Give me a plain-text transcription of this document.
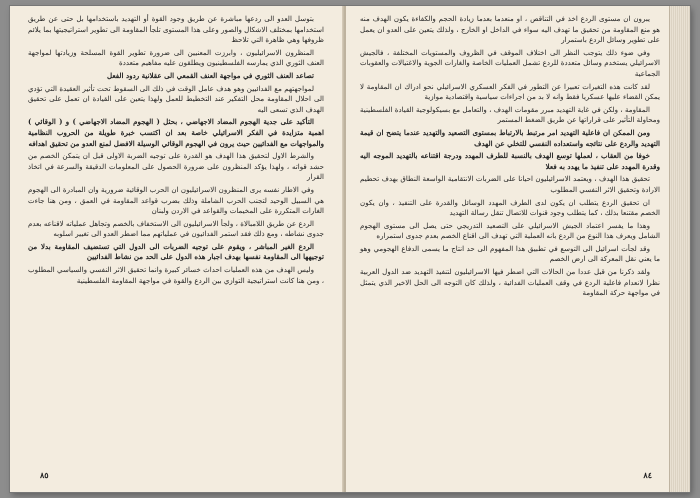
بتوسل العدو الى ردعها مباشرة عن طريق وجود القوة أو التهديد باستخدامها بل حتى عن طريق استخدامها بمختلف الاشكال والصور وعلى هذا المستوى تلجأ المقاومة الى تطوير استراتيجيتها بما يلائم ظروفها وهي ظاهرة التي تلاحظ

المنظرون الاسرائيليون ، وابرزت المعنيين الى ضرورة تطوير القوة المسلحة وزيادتها لمواجهة العنف الثوري الذي يمارسه الفلسطينيون ويطلقون عليه مفاهيم متعددة

تصاعد العنف الثوري في مواجهة العنف القمعي الى عقلانية ردود الفعل

لمواجهتهم مع الفدائيين وهو هدف عامل الوقت في ذلك الى السقوط تحت تأثير العقيدة التي تؤدي الى احلال المقاومة محل التفكير عند التخطيط للعمل ولهذا يتعين على القيادة ان تعمل على تحقيق الهدف الذي تسعى اليه

التأكيد على جدية الهجوم المضاد الاجهاضي ، بحثل ( الهجوم المضاد الاجهاضي ) و ( الوقائي ) اهمية متزايدة في الفكر الاسرائيلي خاصة بعد ان اكتسب خبرة طويلة من الحروب النظامية والمواجهات مع الفدائيين حيث يرون في الهجوم الوقائي الوسيلة الافضل لمنع العدو من تحقيق اهدافه

والشرط الاول لتحقيق هذا الهدف هو القدرة على توجيه الضربة الاولى قبل ان يتمكن الخصم من حشد قواته ، ولهذا يؤكد المنظرون على ضرورة الحصول على المعلومات الدقيقة والسرعة في اتخاذ القرار

وفي الاطار نفسه يرى المنظرون الاسرائيليون ان الحرب الوقائية ضرورية وان المبادرة الى الهجوم هي السبيل الوحيد لتجنب الحرب الشاملة وذلك بضرب قواعد المقاومة في العمق ، ومن هنا جاءت الغارات المتكررة على المخيمات والقواعد في الاردن ولبنان

الردع عن طريق اللامبالاة ، ولجأ الاسرائيليون الى الاستخفاف بالخصم وتجاهل عملياته لاقناعه بعدم جدوى نشاطه ، ومع ذلك فقد استمر الفدائيون في عملياتهم مما اضطر العدو الى تغيير اسلوبه

الردع الغير المباشر ، ويقوم على توجيه الضربات الى الدول التي تستضيف المقاومة بدلا من توجيهها الى المقاومة نفسها بهدف اجبار هذه الدول على الحد من نشاط الفدائيين

وليس الهدف من هذه العمليات احداث خسائر كبيرة وانما تحقيق الاثر النفسي والسياسي المطلوب ، ومن هنا كانت استراتيجية التوازي بين الردع والقوة في مواجهة المقاومة الفلسطينية

٨٥

يبرون ان مستوى الردع اخذ في التناقص ، او منعدما بعدما زيادة الحجم والكفاءة يكون الهدف منه هو منع المقاومة من تحقيق ما تهدف اليه سواء في الداخل او الخارج ، ولذلك يتعين على العدو ان يعمل على تطوير وسائل الردع باستمرار

وفي ضوء ذلك يتوجب النظر الى اختلاف الموقف في الظروف والمستويات المختلفة ، فالجيش الاسرائيلي يستخدم وسائل متعددة للردع تشمل العمليات الخاصة والغارات الجوية والاغتيالات والعقوبات الجماعية

لقد كانت هذه التغيرات تعبيرا عن التطور في الفكر العسكري الاسرائيلي نحو ادراك ان المقاومة لا يمكن القضاء عليها عسكريا فقط وانه لا بد من اجراءات سياسية واقتصادية موازية

المقاومة ، ولكن في غاية التهديد مبرر مقومات الهدف ، والتعامل مع بسيكولوجية القيادة الفلسطينية ومحاولة التأثير على قراراتها عن طريق الضغط المستمر

ومن الممكن ان فاعلية التهديد امر مرتبط بالارتباط بمستوى التصعيد والتهديد عندما يتضح ان قيمة التهديد والردع على نتائجه واستعداده النفسي للتخلي عن الهدف

خوفا من العقاب ، لعملها توسع الهدف بالنسبة للطرف المهدد ودرجة اقتناعه بالتهديد الموجه اليه وقدرة المهدد على تنفيذ ما يهدد به فعلا

تحقيق هذا الهدف ، ويعتمد الاسرائيليون احيانا على الضربات الانتقامية الواسعة النطاق بهدف تحطيم الارادة وتحقيق الاثر النفسي المطلوب

ان تحقيق الردع يتطلب ان يكون لدى الطرف المهدد الوسائل والقدرة على التنفيذ ، وان يكون الخصم مقتنعا بذلك ، كما يتطلب وجود قنوات للاتصال تنقل رسالة التهديد

وهذا ما يفسر اعتماد الجيش الاسرائيلي على التصعيد التدريجي حتى يصل الى مستوى الهجوم الشامل ويعرف هذا النوع من الردع بانه العملية التي تهدف الى اقناع الخصم بعدم جدوى استمراره

وقد لجأت اسرائيل الى التوسع في تطبيق هذا المفهوم الى حد انتاج ما يسمى الدفاع الهجومي وهو ما يعني نقل المعركة الى ارض الخصم

ولقد ذكرنا من قبل عددا من الحالات التي اضطر فيها الاسرائيليون لتنفيذ التهديد ضد الدول العربية نظرا لانعدام فاعلية الردع في وقف العمليات الفدائية ، ولذلك كان التوجه الى الحل الاخير الذي يتمثل في مواجهة حركة المقاومة

٨٤
